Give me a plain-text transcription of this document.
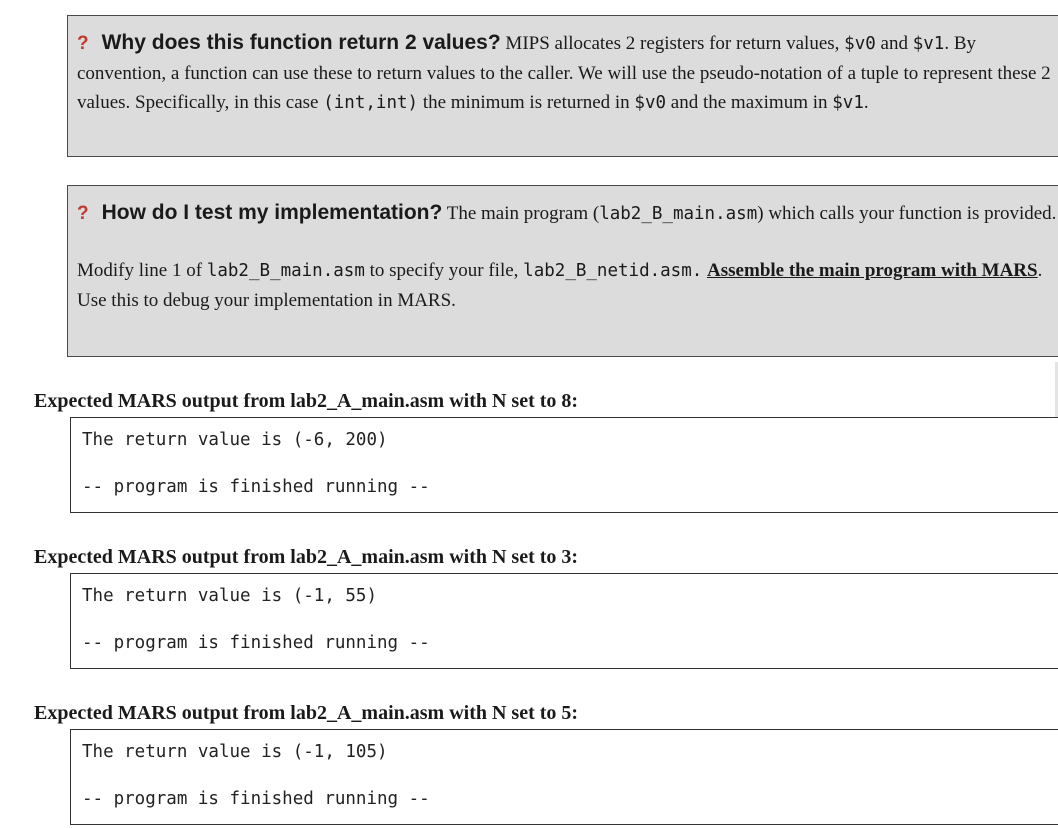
? Why does this function return 2 values? MIPS allocates 2 registers for return values, $v0 and $v1. By convention, a function can use these to return values to the caller. We will use the pseudo-notation of a tuple to represent these 2 values. Specifically, in this case (int,int) the minimum is returned in $v0 and the maximum in $v1.
? How do I test my implementation? The main program (lab2_B_main.asm) which calls your function is provided.
Modify line 1 of lab2_B_main.asm to specify your file, lab2_B_netid.asm. Assemble the main program with MARS. Use this to debug your implementation in MARS.
Expected MARS output from lab2_A_main.asm with N set to 8:
The return value is (-6, 200)
-- program is finished running --
Expected MARS output from lab2_A_main.asm with N set to 3:
The return value is (-1, 55)
-- program is finished running --
Expected MARS output from lab2_A_main.asm with N set to 5:
The return value is (-1, 105)
-- program is finished running --
